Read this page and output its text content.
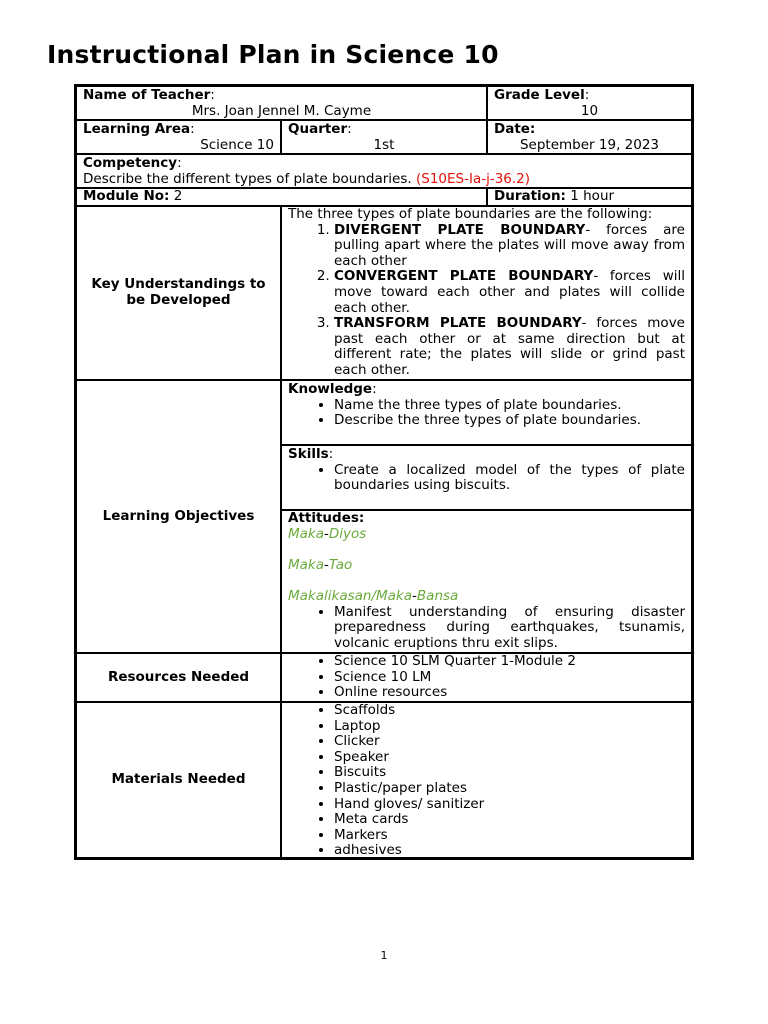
Instructional Plan in Science 10
Name of Teacher:
Mrs. Joan Jennel M. Cayme
Grade Level:
10
Learning Area:
Science 10
Quarter:
1st
Date:
September 19, 2023
Competency:
Describe the different types of plate boundaries. (S10ES-Ia-j-36.2)
Module No: 2	Duration: 1 hour
Key Understandings to be Developed
The three types of plate boundaries are the following:
1. DIVERGENT PLATE BOUNDARY- forces are pulling apart where the plates will move away from each other
2. CONVERGENT PLATE BOUNDARY- forces will move toward each other and plates will collide each other.
3. TRANSFORM PLATE BOUNDARY- forces move past each other or at same direction but at different rate; the plates will slide or grind past each other.
Learning Objectives
Knowledge:
• Name the three types of plate boundaries.
• Describe the three types of plate boundaries.
Skills:
• Create a localized model of the types of plate boundaries using biscuits.
Attitudes:
Maka-Diyos
Maka-Tao
Makalikasan/Maka-Bansa
• Manifest understanding of ensuring disaster preparedness during earthquakes, tsunamis, volcanic eruptions thru exit slips.
Resources Needed
• Science 10 SLM Quarter 1-Module 2
• Science 10 LM
• Online resources
Materials Needed
• Scaffolds
• Laptop
• Clicker
• Speaker
• Biscuits
• Plastic/paper plates
• Hand gloves/ sanitizer
• Meta cards
• Markers
• adhesives
1
